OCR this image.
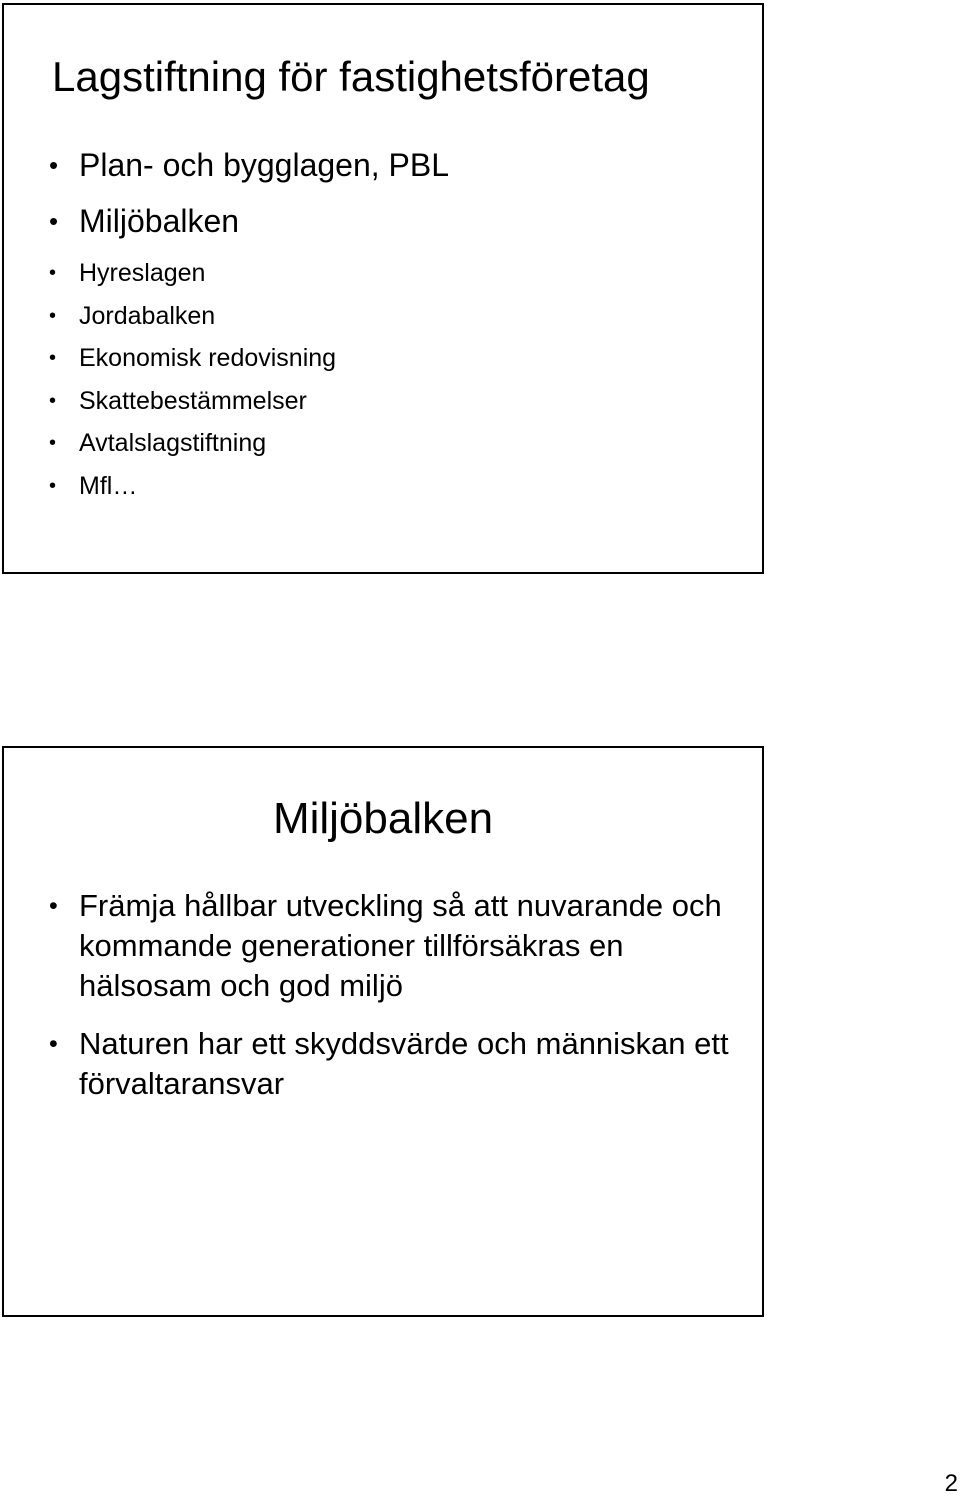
Lagstiftning för fastighetsföretag
• Plan- och bygglagen, PBL
• Miljöbalken
• Hyreslagen
• Jordabalken
• Ekonomisk redovisning
• Skattebestämmelser
• Avtalslagstiftning
• Mfl…
Miljöbalken
• Främja hållbar utveckling så att nuvarande och kommande generationer tillförsäkras en hälsosam och god miljö
• Naturen har ett skyddsvärde och människan ett förvaltaransvar
2
